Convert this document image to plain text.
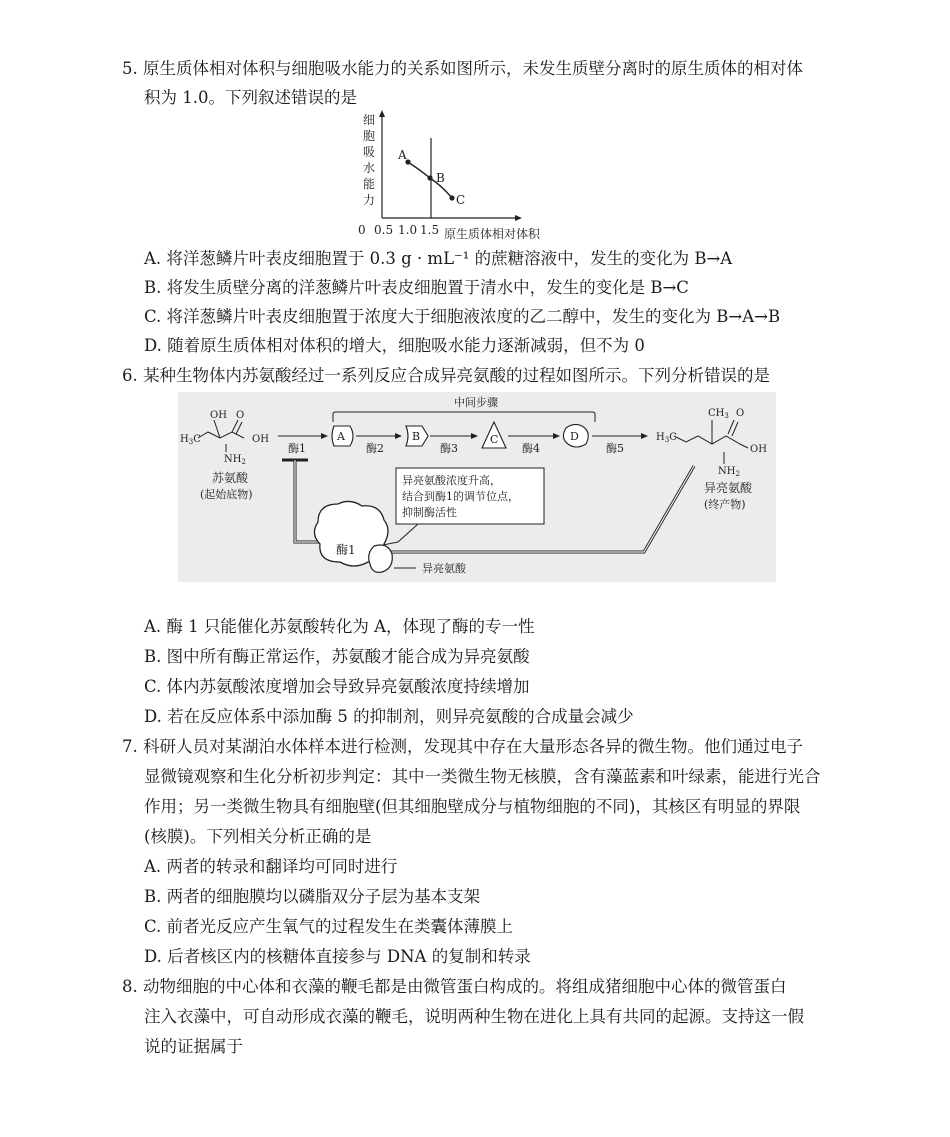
5. 原生质体相对体积与细胞吸水能力的关系如图所示，未发生质壁分离时的原生质体的相对体
积为 1.0。下列叙述错误的是
细
胞
吸
水
能
力
A
B
C
0 0.5 1.0 1.5 原生质体相对体积
A. 将洋葱鳞片叶表皮细胞置于 0.3 g · mL⁻¹ 的蔗糖溶液中，发生的变化为 B→A
B. 将发生质壁分离的洋葱鳞片叶表皮细胞置于清水中，发生的变化是 B→C
C. 将洋葱鳞片叶表皮细胞置于浓度大于细胞液浓度的乙二醇中，发生的变化为 B→A→B
D. 随着原生质体相对体积的增大，细胞吸水能力逐渐减弱，但不为 0
6. 某种生物体内苏氨酸经过一系列反应合成异亮氨酸的过程如图所示。下列分析错误的是
中间步骤
OH O
$H_3C$	OH
$NH_2$
苏氨酸
(起始底物)
酶1	酶2	酶3	酶4	酶5
A	B	C	D
$CH_3$ O
$H_3C$
OH
$NH_2$
异亮氨酸
(终产物)
异亮氨酸浓度升高，
结合到酶1的调节位点，
抑制酶活性
酶1
异亮氨酸
A. 酶 1 只能催化苏氨酸转化为 A，体现了酶的专一性
B. 图中所有酶正常运作，苏氨酸才能合成为异亮氨酸
C. 体内苏氨酸浓度增加会导致异亮氨酸浓度持续增加
D. 若在反应体系中添加酶 5 的抑制剂，则异亮氨酸的合成量会减少
7. 科研人员对某湖泊水体样本进行检测，发现其中存在大量形态各异的微生物。他们通过电子
显微镜观察和生化分析初步判定：其中一类微生物无核膜，含有藻蓝素和叶绿素，能进行光合
作用；另一类微生物具有细胞壁(但其细胞壁成分与植物细胞的不同)，其核区有明显的界限
(核膜)。下列相关分析正确的是
A. 两者的转录和翻译均可同时进行
B. 两者的细胞膜均以磷脂双分子层为基本支架
C. 前者光反应产生氧气的过程发生在类囊体薄膜上
D. 后者核区内的核糖体直接参与 DNA 的复制和转录
8. 动物细胞的中心体和衣藻的鞭毛都是由微管蛋白构成的。将组成猪细胞中心体的微管蛋白
注入衣藻中，可自动形成衣藻的鞭毛，说明两种生物在进化上具有共同的起源。支持这一假
说的证据属于
